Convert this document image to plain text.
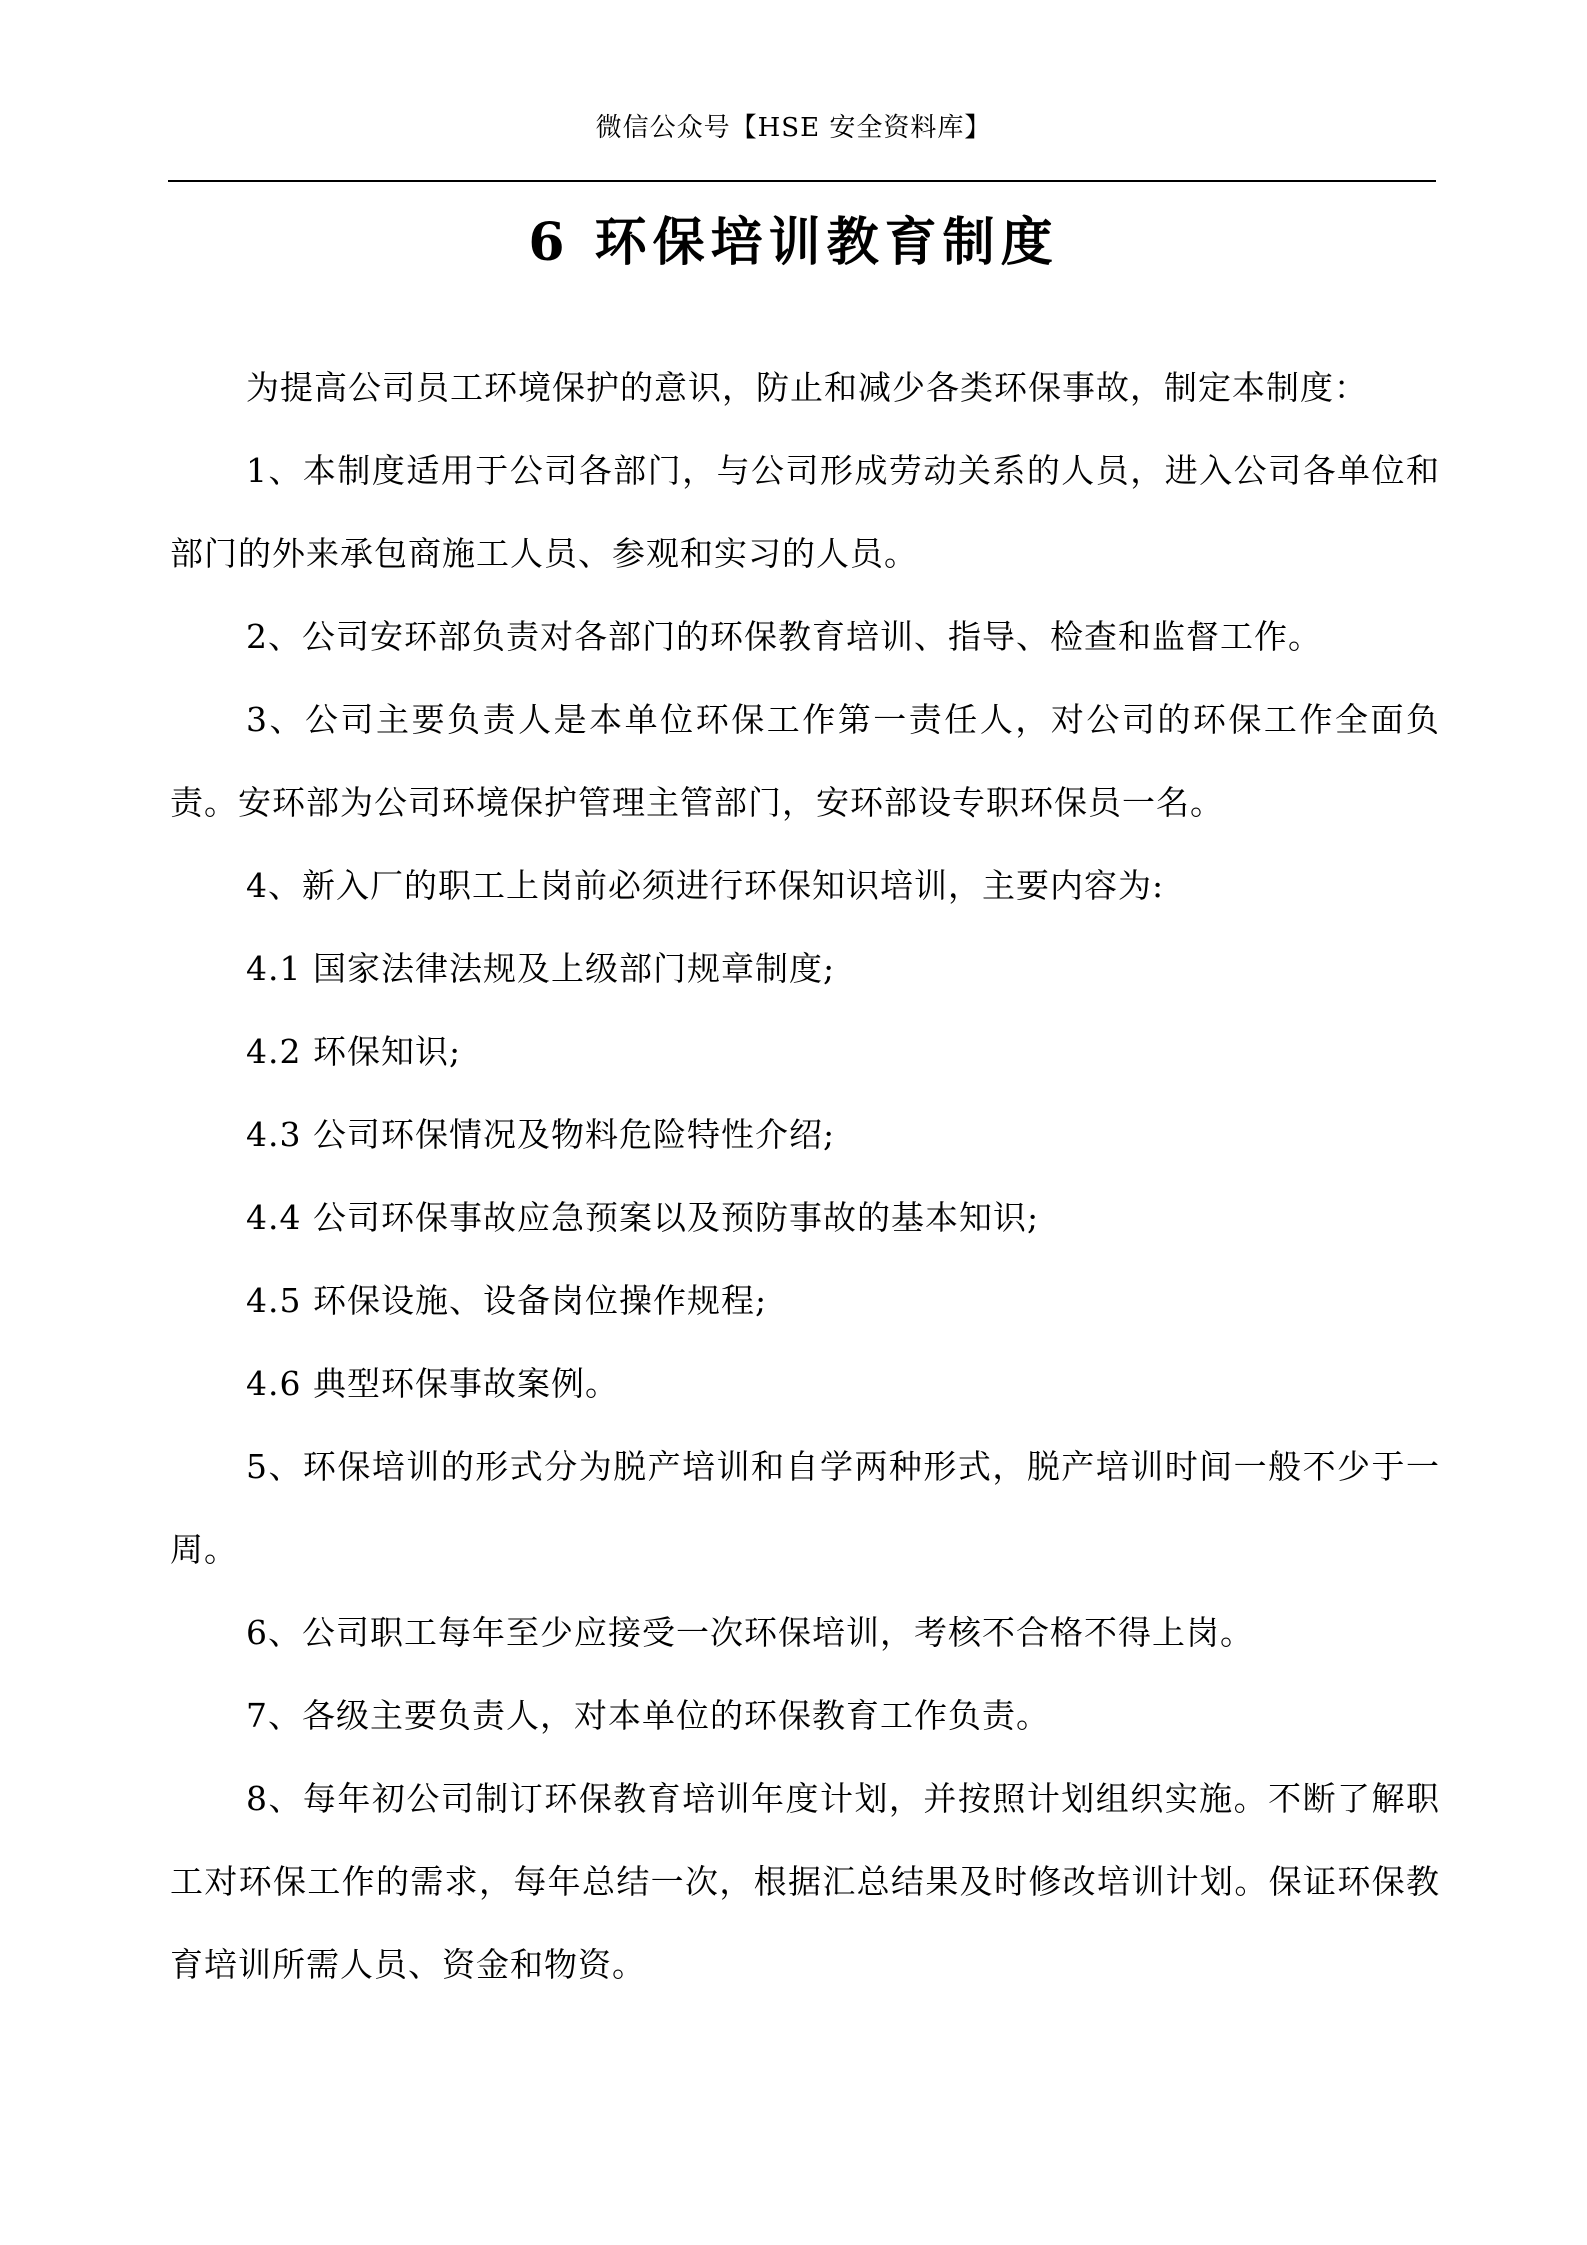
微信公众号【HSE 安全资料库】
6 环保培训教育制度

为提高公司员工环境保护的意识，防止和减少各类环保事故，制定本制度：

1、本制度适用于公司各部门，与公司形成劳动关系的人员，进入公司各单位和部门的外来承包商施工人员、参观和实习的人员。

2、公司安环部负责对各部门的环保教育培训、指导、检查和监督工作。

3、公司主要负责人是本单位环保工作第一责任人，对公司的环保工作全面负责。安环部为公司环境保护管理主管部门，安环部设专职环保员一名。

4、新入厂的职工上岗前必须进行环保知识培训，主要内容为:

4.1 国家法律法规及上级部门规章制度;

4.2 环保知识;

4.3 公司环保情况及物料危险特性介绍;

4.4 公司环保事故应急预案以及预防事故的基本知识;

4.5 环保设施、设备岗位操作规程;

4.6 典型环保事故案例。

5、环保培训的形式分为脱产培训和自学两种形式，脱产培训时间一般不少于一周。

6、公司职工每年至少应接受一次环保培训，考核不合格不得上岗。

7、各级主要负责人，对本单位的环保教育工作负责。

8、每年初公司制订环保教育培训年度计划，并按照计划组织实施。不断了解职工对环保工作的需求，每年总结一次，根据汇总结果及时修改培训计划。保证环保教育培训所需人员、资金和物资。
